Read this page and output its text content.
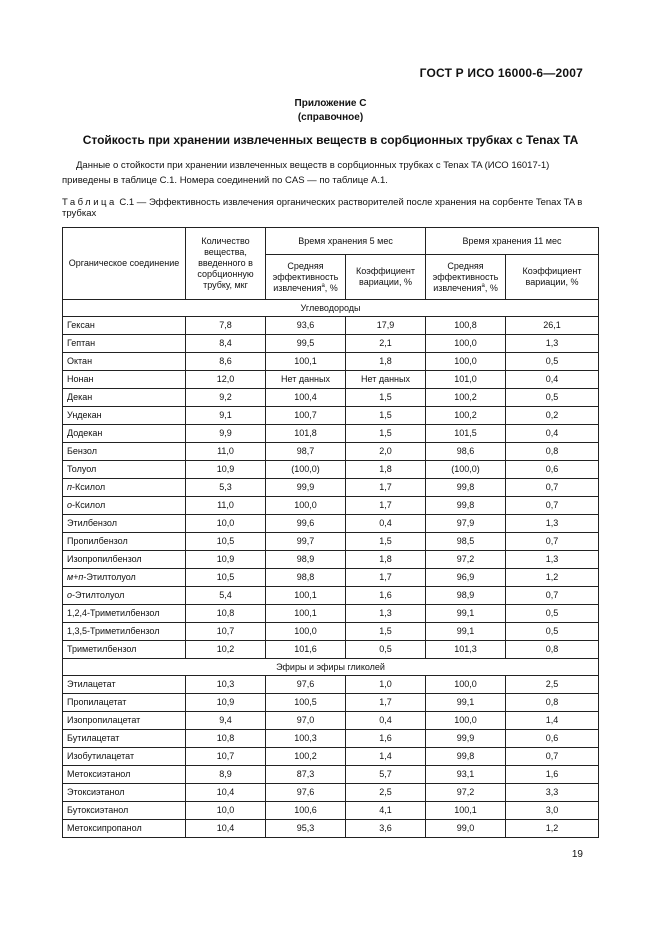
ГОСТ Р ИСО 16000-6—2007
Приложение С
(справочное)
Стойкость при хранении извлеченных веществ в сорбционных трубках с Tenax TA
Данные о стойкости при хранении извлеченных веществ в сорбционных трубках с Tenax TA (ИСО 16017-1) приведены в таблице С.1. Номера соединений по CAS — по таблице А.1.
Таблица С.1 — Эффективность извлечения органических растворителей после хранения на сорбенте Tenax TA в трубках
Органическое соединение	Количество вещества, введенного в сорбционную трубку, мкг	Время хранения 5 мес		Время хранения 11 мес	
		Средняя эффективность извлечения$^а$, %	Коэффициент вариации, %	Средняя эффективность извлечения$^а$, %	Коэффициент вариации, %
Углеводороды					
Гексан	7,8	93,6	17,9	100,8	26,1
Гептан	8,4	99,5	2,1	100,0	1,3
Октан	8,6	100,1	1,8	100,0	0,5
Нонан	12,0	Нет данных	Нет данных	101,0	0,4
Декан	9,2	100,4	1,5	100,2	0,5
Ундекан	9,1	100,7	1,5	100,2	0,2
Додекан	9,9	101,8	1,5	101,5	0,4
Бензол	11,0	98,7	2,0	98,6	0,8
Толуол	10,9	(100,0)	1,8	(100,0)	0,6
п-Ксилол	5,3	99,9	1,7	99,8	0,7
о-Ксилол	11,0	100,0	1,7	99,8	0,7
Этилбензол	10,0	99,6	0,4	97,9	1,3
Пропилбензол	10,5	99,7	1,5	98,5	0,7
Изопропилбензол	10,9	98,9	1,8	97,2	1,3
м+п-Этилтолуол	10,5	98,8	1,7	96,9	1,2
о-Этилтолуол	5,4	100,1	1,6	98,9	0,7
1,2,4-Триметилбензол	10,8	100,1	1,3	99,1	0,5
1,3,5-Триметилбензол	10,7	100,0	1,5	99,1	0,5
Триметилбензол	10,2	101,6	0,5	101,3	0,8
Эфиры и эфиры гликолей					
Этилацетат	10,3	97,6	1,0	100,0	2,5
Пропилацетат	10,9	100,5	1,7	99,1	0,8
Изопропилацетат	9,4	97,0	0,4	100,0	1,4
Бутилацетат	10,8	100,3	1,6	99,9	0,6
Изобутилацетат	10,7	100,2	1,4	99,8	0,7
Метоксиэтанол	8,9	87,3	5,7	93,1	1,6
Этоксиэтанол	10,4	97,6	2,5	97,2	3,3
Бутоксиэтанол	10,0	100,6	4,1	100,1	3,0
Метоксипропанол	10,4	95,3	3,6	99,0	1,2
19
